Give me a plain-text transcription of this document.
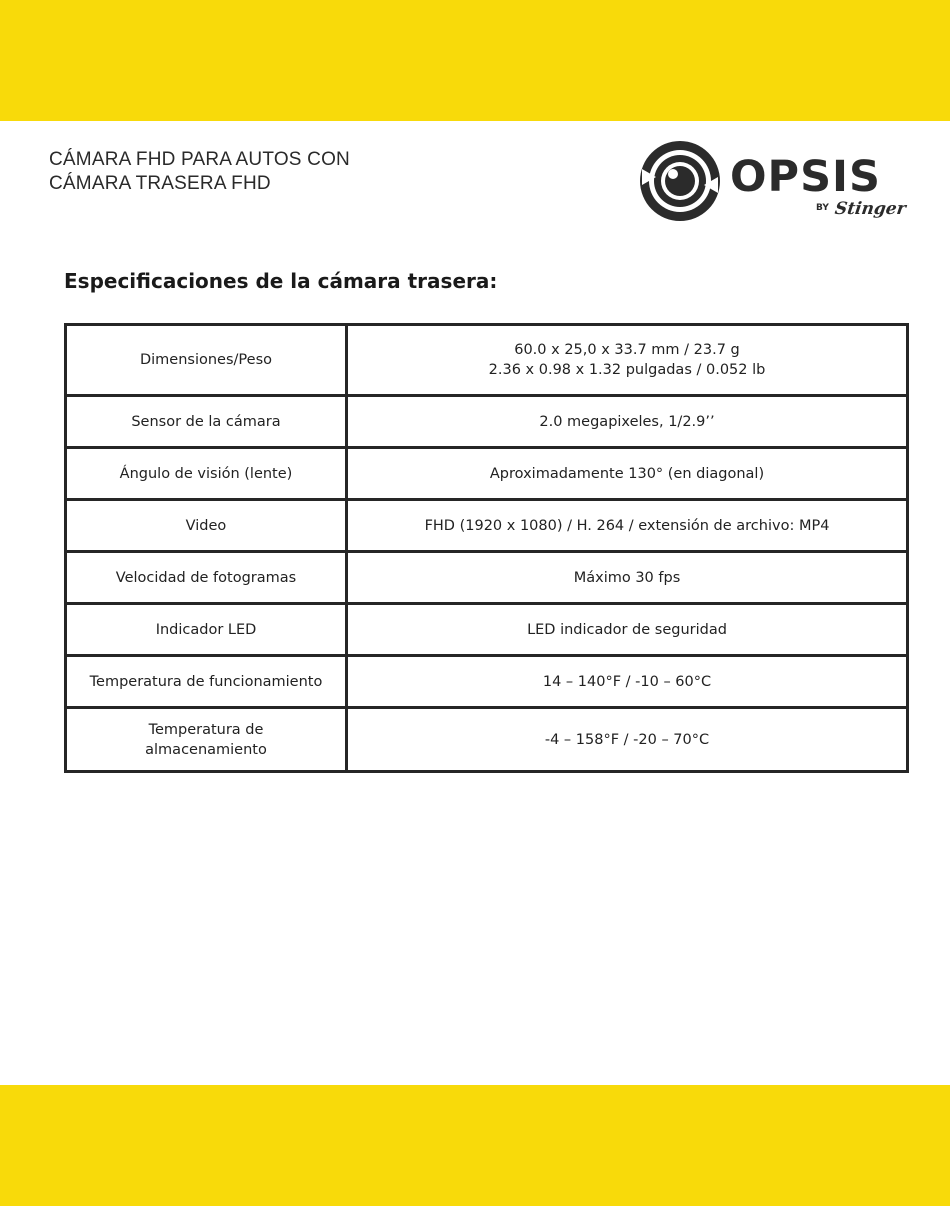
CÁMARA FHD PARA AUTOS CON
CÁMARA TRASERA FHD	OPSIS
BY Stinger
Especificaciones de la cámara trasera:
Dimensiones/Peso	60.0 x 25,0 x 33.7 mm / 23.7 g
2.36 x 0.98 x 1.32 pulgadas / 0.052 lb

Sensor de la cámara	2.0 megapixeles, 1/2.9’’

Ángulo de visión (lente)	Aproximadamente 130° (en diagonal)

Video	FHD (1920 x 1080) / H. 264 / extensión de archivo: MP4

Velocidad de fotogramas	Máximo 30 fps

Indicador LED	LED indicador de seguridad

Temperatura de funcionamiento	14 – 140°F / -10 – 60°C

Temperatura de
almacenamiento	-4 – 158°F / -20 – 70°C
